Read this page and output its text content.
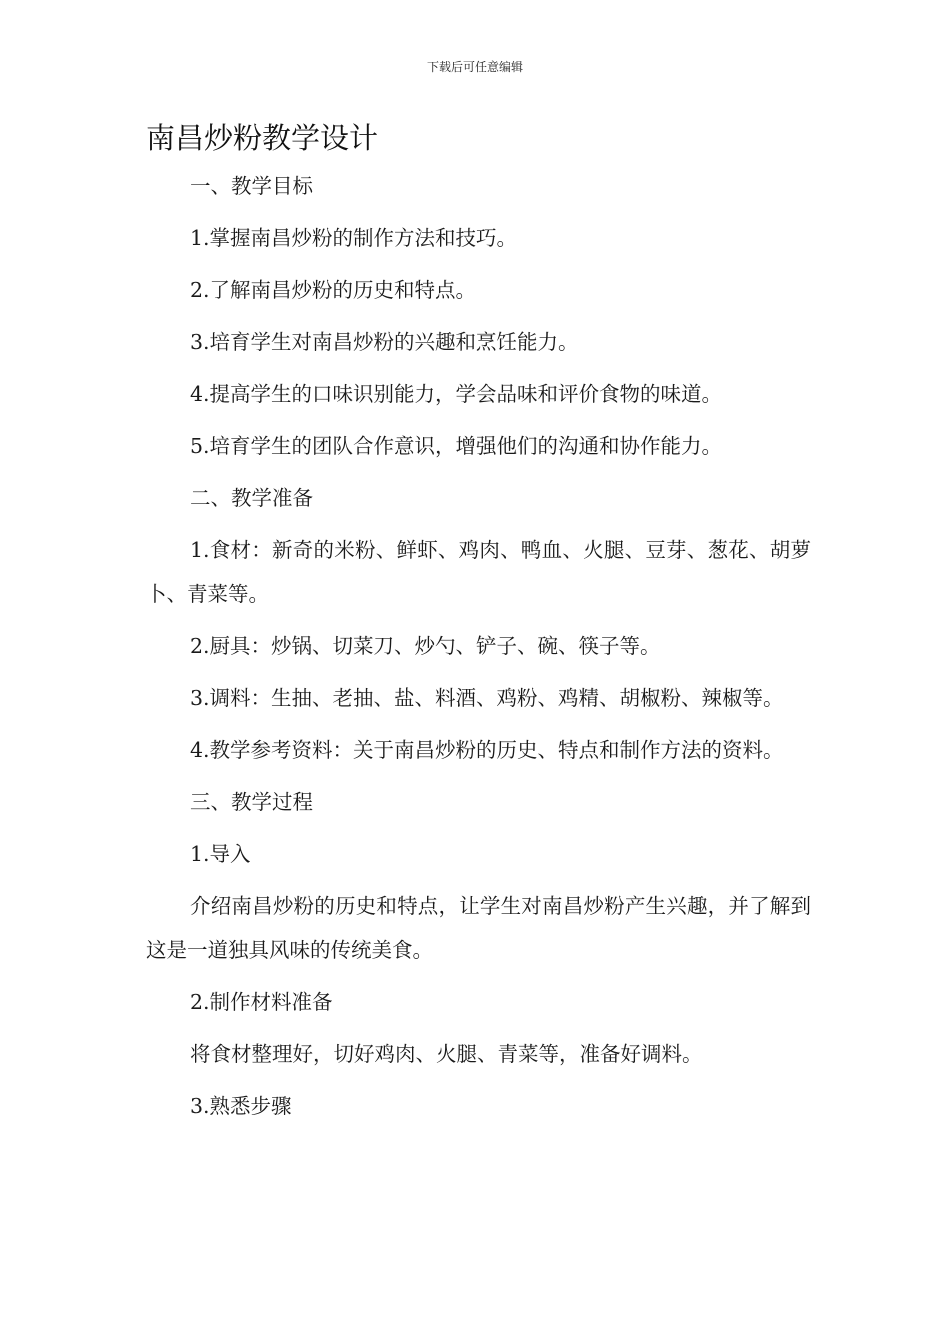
下载后可任意编辑
南昌炒粉教学设计

一、教学目标

1.掌握南昌炒粉的制作方法和技巧。

2.了解南昌炒粉的历史和特点。

3.培育学生对南昌炒粉的兴趣和烹饪能力。

4.提高学生的口味识别能力，学会品味和评价食物的味道。

5.培育学生的团队合作意识，增强他们的沟通和协作能力。

二、教学准备

1.食材：新奇的米粉、鲜虾、鸡肉、鸭血、火腿、豆芽、葱花、胡萝卜、青菜等。

2.厨具：炒锅、切菜刀、炒勺、铲子、碗、筷子等。

3.调料：生抽、老抽、盐、料酒、鸡粉、鸡精、胡椒粉、辣椒等。

4.教学参考资料：关于南昌炒粉的历史、特点和制作方法的资料。

三、教学过程

1.导入

介绍南昌炒粉的历史和特点，让学生对南昌炒粉产生兴趣，并了解到这是一道独具风味的传统美食。

2.制作材料准备

将食材整理好，切好鸡肉、火腿、青菜等，准备好调料。

3.熟悉步骤
